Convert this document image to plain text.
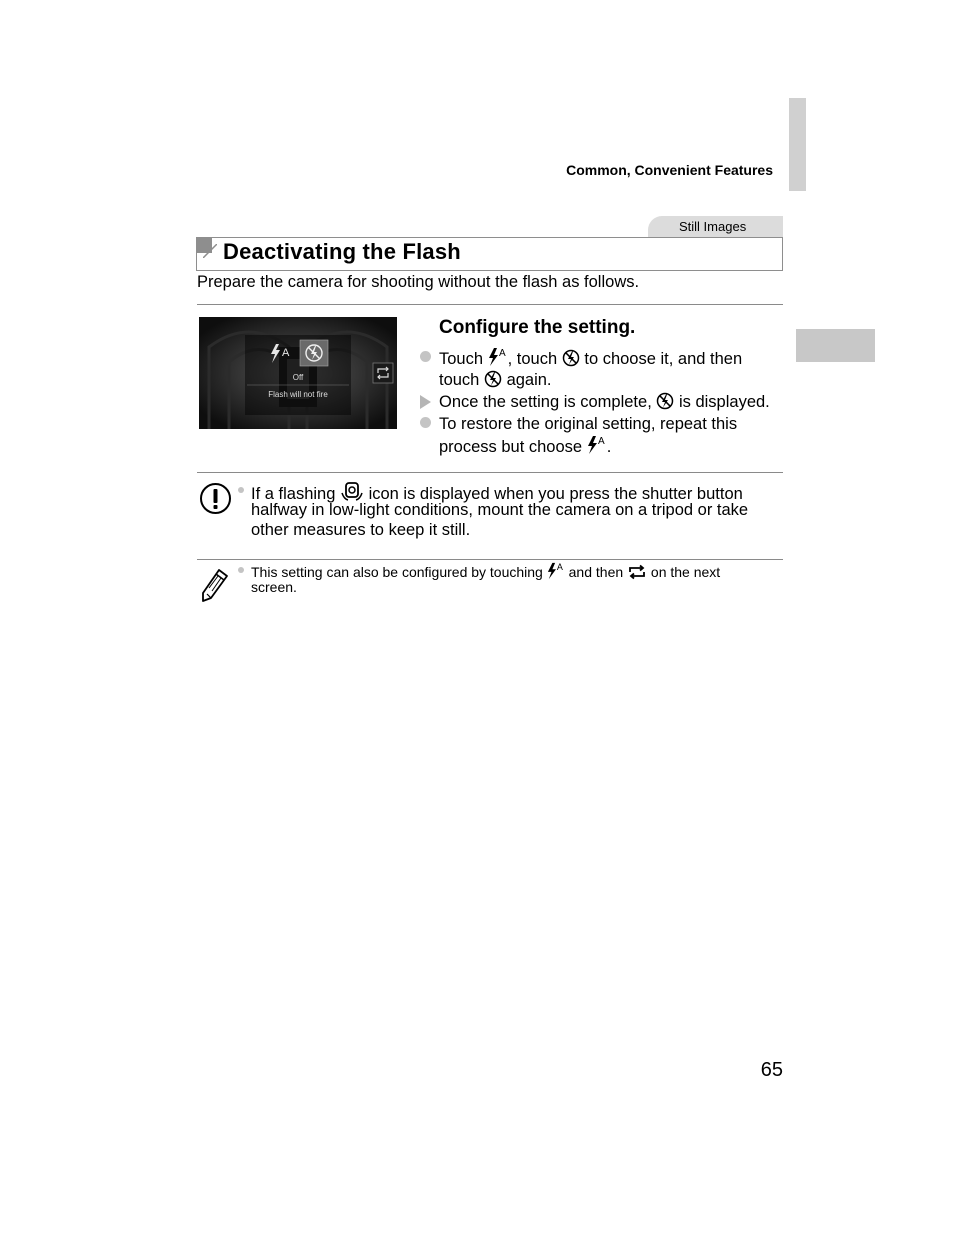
Common, Convenient Features
Still Images
Deactivating the Flash
Prepare the camera for shooting without the flash as follows.
A
Off
Flash will not fire
Configure the setting.
Touch A , touch to choose it, and then
touch again.
Once the setting is complete, is displayed.
To restore the original setting, repeat this
process but choose A .
If a flashing icon is displayed when you press the shutter button
halfway in low-light conditions, mount the camera on a tripod or take
other measures to keep it still.
This setting can also be configured by touching A and then on the next
screen.
65
